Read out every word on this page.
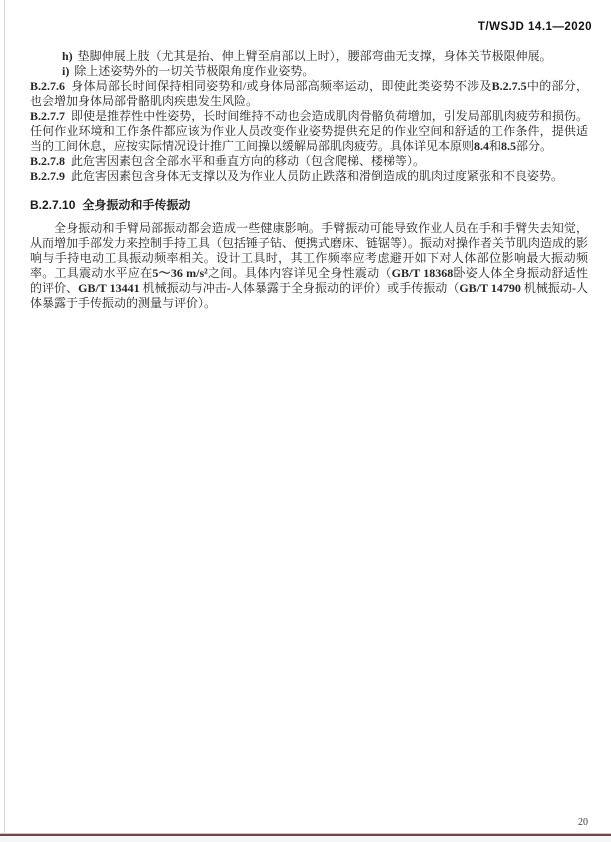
T/WSJD 14.1—2020
h) 垫脚伸展上肢（尤其是抬、伸上臂至肩部以上时），腰部弯曲无支撑，身体关节极限伸展。
i) 除上述姿势外的一切关节极限角度作业姿势。

B.2.7.6 身体局部长时间保持相同姿势和/或身体局部高频率运动，即使此类姿势不涉及B.2.7.5中的部分，也会增加身体局部骨骼肌肉疾患发生风险。

B.2.7.7 即使是推荐性中性姿势，长时间维持不动也会造成肌肉骨骼负荷增加，引发局部肌肉疲劳和损伤。任何作业环境和工作条件都应该为作业人员改变作业姿势提供充足的作业空间和舒适的工作条件，提供适当的工间休息，应按实际情况设计推广工间操以缓解局部肌肉疲劳。具体详见本原则8.4和8.5部分。

B.2.7.8 此危害因素包含全部水平和垂直方向的移动（包含爬梯、楼梯等）。

B.2.7.9 此危害因素包含身体无支撑以及为作业人员防止跌落和滑倒造成的肌肉过度紧张和不良姿势。

B.2.7.10 全身振动和手传振动

全身振动和手臂局部振动都会造成一些健康影响。手臂振动可能导致作业人员在手和手臂失去知觉，从而增加手部发力来控制手持工具（包括锤子钻、便携式磨床、链锯等）。振动对操作者关节肌肉造成的影响与手持电动工具振动频率相关。设计工具时，其工作频率应考虑避开如下对人体部位影响最大振动频率。工具震动水平应在5～36 m/s²之间。具体内容详见全身性震动（GB/T 18368卧姿人体全身振动舒适性的评价、GB/T 13441 机械振动与冲击-人体暴露于全身振动的评价）或手传振动（GB/T 14790 机械振动-人体暴露于手传振动的测量与评价）。

20
